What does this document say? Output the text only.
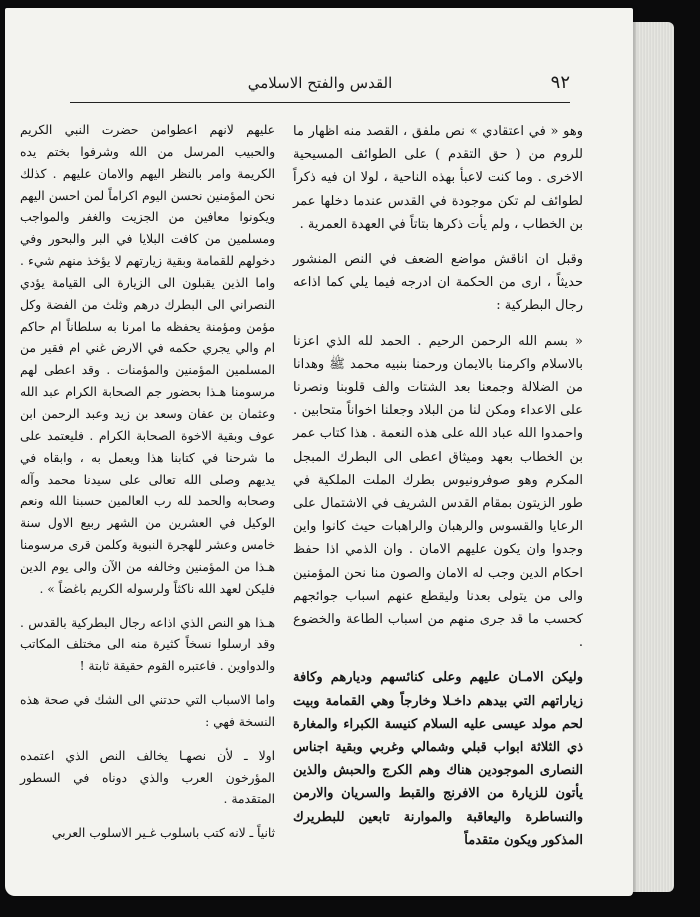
٩٢
القدس والفتح الاسلامي

وهو « في اعتقادي » نص ملفق ، القصد منه اظهار ما للروم من ( حق التقدم ) على الطوائف المسيحية الاخرى . وما كنت لاعبأ بهذه الناحية ، لولا ان فيه ذكراً لطوائف لم تكن موجودة في القدس عندما دخلها عمر بن الخطاب ، ولم يأت ذكرها بتاتاً في العهدة العمرية .

وقبل ان اناقش مواضع الضعف في النص المنشور حديثاً ، ارى من الحكمة ان ادرجه فيما يلي كما اذاعه رجال البطركية :

« بسم الله الرحمن الرحيم . الحمد لله الذي اعزنا بالاسلام واكرمنا بالايمان ورحمنا بنبيه محمد ﷺ وهدانا من الضلالة وجمعنا بعد الشتات والف قلوبنا ونصرنا على الاعداء ومكن لنا من البلاد وجعلنا اخواناً متحابين . واحمدوا الله عباد الله على هذه النعمة . هذا كتاب عمر بن الخطاب بعهد وميثاق اعطى الى البطرك المبجل المكرم وهو صوفرونيوس بطرك الملت الملكية في طور الزيتون بمقام القدس الشريف في الاشتمال على الرعايا والقسوس والرهبان والراهبات حيث كانوا واين وجدوا وان يكون عليهم الامان . وان الذمي اذا حفظ احكام الدين وجب له الامان والصون منا نحن المؤمنين والى من يتولى بعدنا وليقطع عنهم اسباب جوائجهم كحسب ما قد جرى منهم من اسباب الطاعة والخضوع .

وليكن الامـان عليهم وعلى كنائسهم وديارهم وكافة زياراتهم التي بيدهم داخـلا وخارجاً وهي القمامة وبيت لحم مولد عيسى عليه السلام كنيسة الكبراء والمغارة ذي الثلاثة ابواب قبلي وشمالي وغربي وبقية اجناس النصارى الموجودين هناك وهم الكرج والحبش والذين يأتون للزيارة من الافرنج والقبط والسريان والارمن والنساطرة واليعاقبة والموارنة تابعين للبطريرك المذكور ويكون متقدماً

عليهم لانهم اعطوامن حضرت النبي الكريم والحبيب المرسل من الله وشرفوا بختم يده الكريمة وامر بالنظر اليهم والامان عليهم . كذلك نحن المؤمنين نحسن اليوم اكراماً لمن احسن اليهم ويكونوا معافين من الجزيت والغفر والمواجب ومسلمين من كافت البلايا في البر والبحور وفي دخولهم للقمامة وبقية زيارتهم لا يؤخذ منهم شيء . واما الذين يقبلون الى الزيارة الى القيامة يؤدي النصراني الى البطرك درهم وثلث من الفضة وكل مؤمن ومؤمنة يحفظه ما امرنا به سلطاناً ام حاكم ام والي يجري حكمه في الارض غني ام فقير من المسلمين المؤمنين والمؤمنات . وقد اعطى لهم مرسومنا هـذا بحضور جم الصحابة الكرام عبد الله وعثمان بن عفان وسعد بن زيد وعبد الرحمن ابن عوف وبقية الاخوة الصحابة الكرام . فليعتمد على ما شرحنا في كتابنا هذا ويعمل به ، وابقاه في يديهم وصلى الله تعالى على سيدنا محمد وآله وصحابه والحمد لله رب العالمين حسبنا الله ونعم الوكيل في العشرين من الشهر ربيع الاول سنة خامس وعشر للهجرة النبوية وكلمن قرى مرسومنا هـذا من المؤمنين وخالفه من الآن والى يوم الدين فليكن لعهد الله ناكثاً ولرسوله الكريم باغضاً » .

هـذا هو النص الذي اذاعه رجال البطركية بالقدس . وقد ارسلوا نسخاً كثيرة منه الى مختلف المكاتب والدواوين . فاعتبره القوم حقيقة ثابتة !

واما الاسباب التي حدتني الى الشك في صحة هذه النسخة فهي :

اولا ـ لأن نصهـا يخالف النص الذي اعتمده المؤرخون العرب والذي دوناه في السطور المتقدمة .

ثانياً ـ لانه كتب باسلوب غـير الاسلوب العربي
